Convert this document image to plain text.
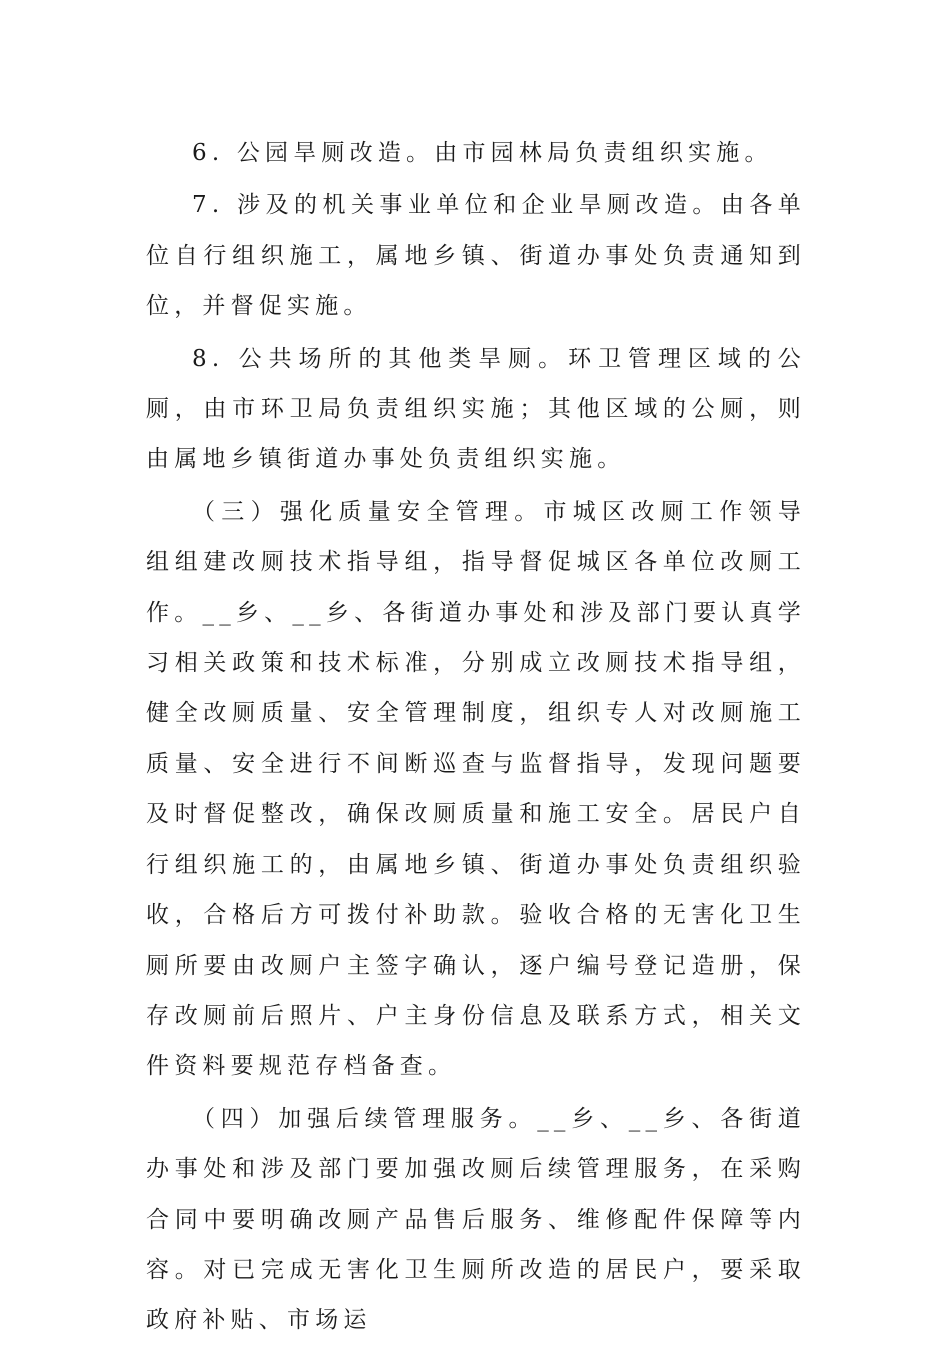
6. 公园旱厕改造。由市园林局负责组织实施。

7. 涉及的机关事业单位和企业旱厕改造。由各单位自行组织施工，属地乡镇、街道办事处负责通知到位，并督促实施。

8. 公共场所的其他类旱厕。环卫管理区域的公厕，由市环卫局负责组织实施；其他区域的公厕，则由属地乡镇街道办事处负责组织实施。

（三）强化质量安全管理。市城区改厕工作领导组组建改厕技术指导组，指导督促城区各单位改厕工作。__乡、__乡、各街道办事处和涉及部门要认真学习相关政策和技术标准，分别成立改厕技术指导组，健全改厕质量、安全管理制度，组织专人对改厕施工质量、安全进行不间断巡查与监督指导，发现问题要及时督促整改，确保改厕质量和施工安全。居民户自行组织施工的，由属地乡镇、街道办事处负责组织验收，合格后方可拨付补助款。验收合格的无害化卫生厕所要由改厕户主签字确认，逐户编号登记造册，保存改厕前后照片、户主身份信息及联系方式，相关文件资料要规范存档备查。

（四）加强后续管理服务。__乡、__乡、各街道办事处和涉及部门要加强改厕后续管理服务，在采购合同中要明确改厕产品售后服务、维修配件保障等内容。对已完成无害化卫生厕所改造的居民户，要采取政府补贴、市场运
